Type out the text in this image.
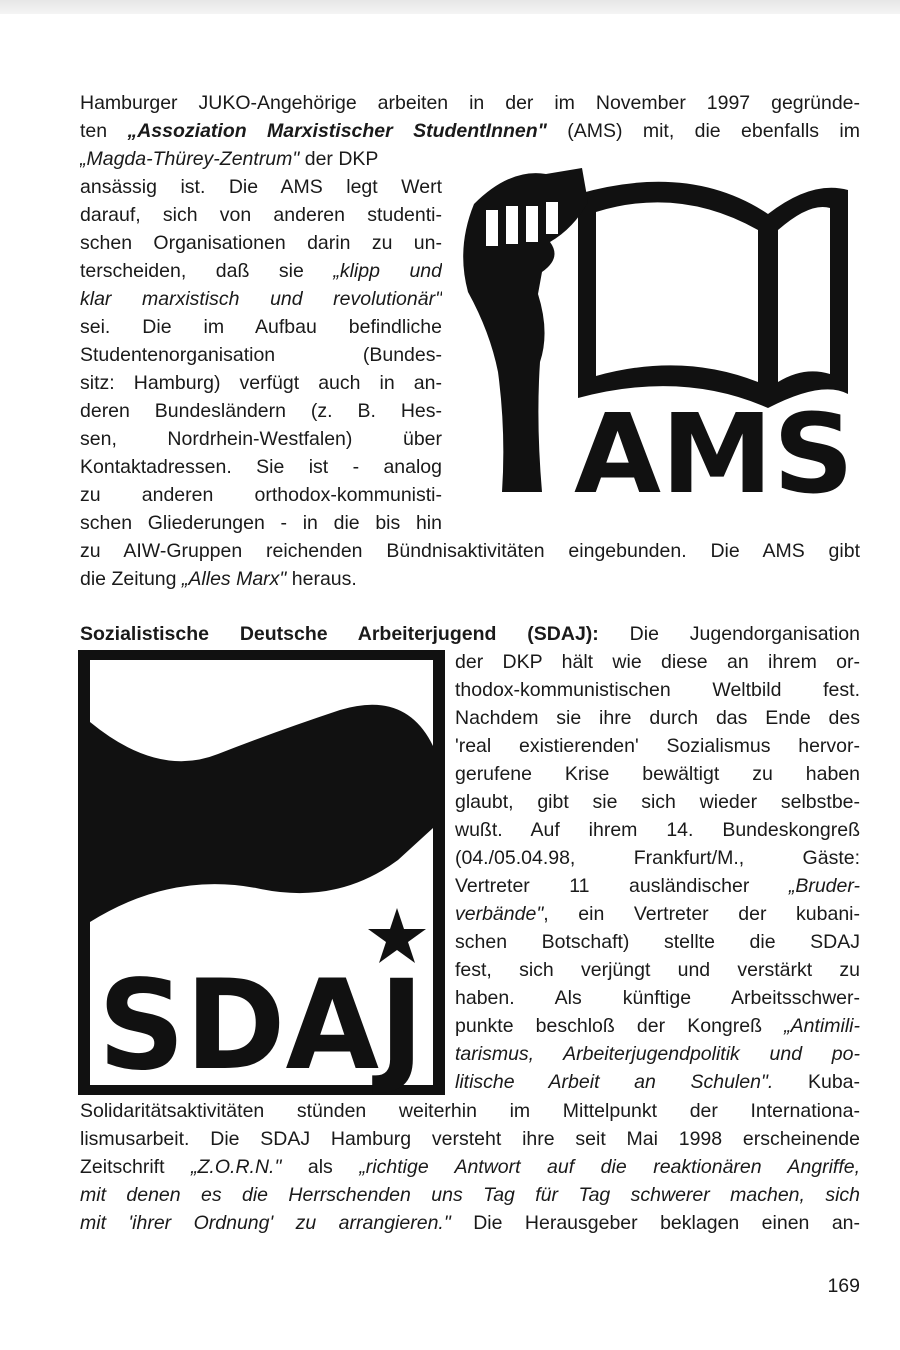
Hamburger JUKO-Angehörige arbeiten in der im November 1997 gegründe-

ten „Assoziation Marxistischer StudentInnen" (AMS) mit, die ebenfalls im

„Magda-Thürey-Zentrum" der DKP

ansässig ist. Die AMS legt Wert

darauf, sich von anderen studenti-

schen Organisationen darin zu un-

terscheiden, daß sie „klipp und

klar marxistisch und revolutionär"

sei. Die im Aufbau befindliche

Studentenorganisation (Bundes-

sitz: Hamburg) verfügt auch in an-

deren Bundesländern (z. B. Hes-

sen, Nordrhein-Westfalen) über

Kontaktadressen. Sie ist - analog

zu anderen orthodox-kommunisti-

schen Gliederungen - in die bis hin

zu AIW-Gruppen reichenden Bündnisaktivitäten eingebunden. Die AMS gibt

die Zeitung „Alles Marx" heraus.

AMS

Sozialistische Deutsche Arbeiterjugend (SDAJ): Die Jugendorganisation

der DKP hält wie diese an ihrem or-

thodox-kommunistischen Weltbild fest.

Nachdem sie ihre durch das Ende des

'real existierenden' Sozialismus hervor-

gerufene Krise bewältigt zu haben

glaubt, gibt sie sich wieder selbstbe-

wußt. Auf ihrem 14. Bundeskongreß

(04./05.04.98, Frankfurt/M., Gäste:

Vertreter 11 ausländischer „Bruder-

verbände", ein Vertreter der kubani-

schen Botschaft) stellte die SDAJ

fest, sich verjüngt und verstärkt zu

haben. Als künftige Arbeitsschwer-

punkte beschloß der Kongreß „Antimili-

tarismus, Arbeiterjugendpolitik und po-

litische Arbeit an Schulen". Kuba-

Solidaritätsaktivitäten stünden weiterhin im Mittelpunkt der Internationa-

lismusarbeit. Die SDAJ Hamburg versteht ihre seit Mai 1998 erscheinende

Zeitschrift „Z.O.R.N." als „richtige Antwort auf die reaktionären Angriffe,

mit denen es die Herrschenden uns Tag für Tag schwerer machen, sich

mit 'ihrer Ordnung' zu arrangieren." Die Herausgeber beklagen einen an-

SDAJ

169
